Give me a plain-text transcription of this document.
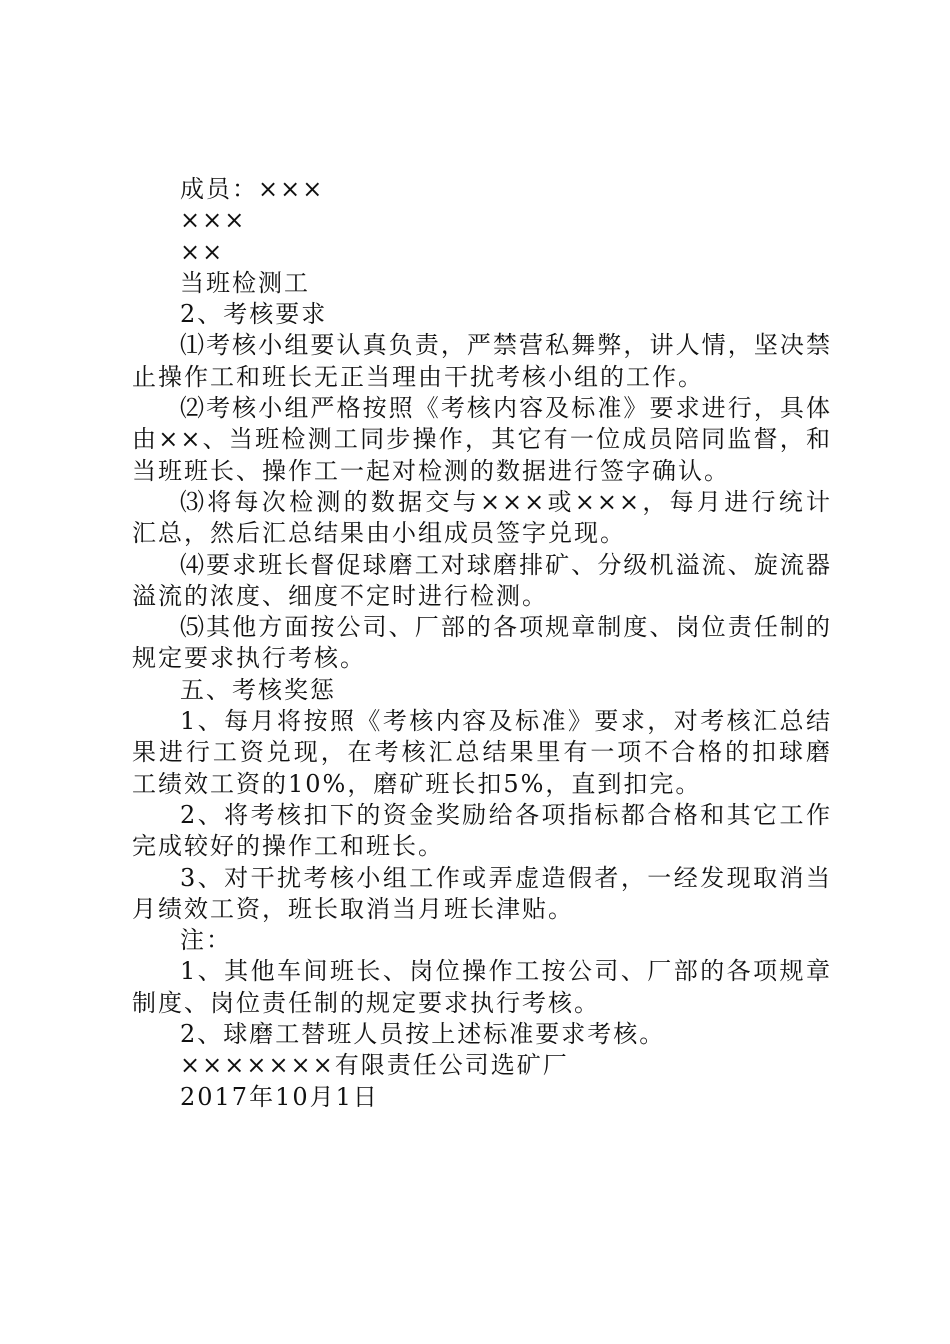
成员：×××

×××

××

当班检测工

2、考核要求

⑴考核小组要认真负责，严禁营私舞弊，讲人情，坚决禁止操作工和班长无正当理由干扰考核小组的工作。

⑵考核小组严格按照《考核内容及标准》要求进行，具体由××、当班检测工同步操作，其它有一位成员陪同监督，和当班班长、操作工一起对检测的数据进行签字确认。

⑶将每次检测的数据交与×××或×××，每月进行统计汇总，然后汇总结果由小组成员签字兑现。

⑷要求班长督促球磨工对球磨排矿、分级机溢流、旋流器溢流的浓度、细度不定时进行检测。

⑸其他方面按公司、厂部的各项规章制度、岗位责任制的规定要求执行考核。

五、考核奖惩

1、每月将按照《考核内容及标准》要求，对考核汇总结果进行工资兑现，在考核汇总结果里有一项不合格的扣球磨工绩效工资的10%，磨矿班长扣5%，直到扣完。

2、将考核扣下的资金奖励给各项指标都合格和其它工作完成较好的操作工和班长。

3、对干扰考核小组工作或弄虚造假者，一经发现取消当月绩效工资，班长取消当月班长津贴。

注：

1、其他车间班长、岗位操作工按公司、厂部的各项规章制度、岗位责任制的规定要求执行考核。

2、球磨工替班人员按上述标准要求考核。

×××××××有限责任公司选矿厂

2017年10月1日
